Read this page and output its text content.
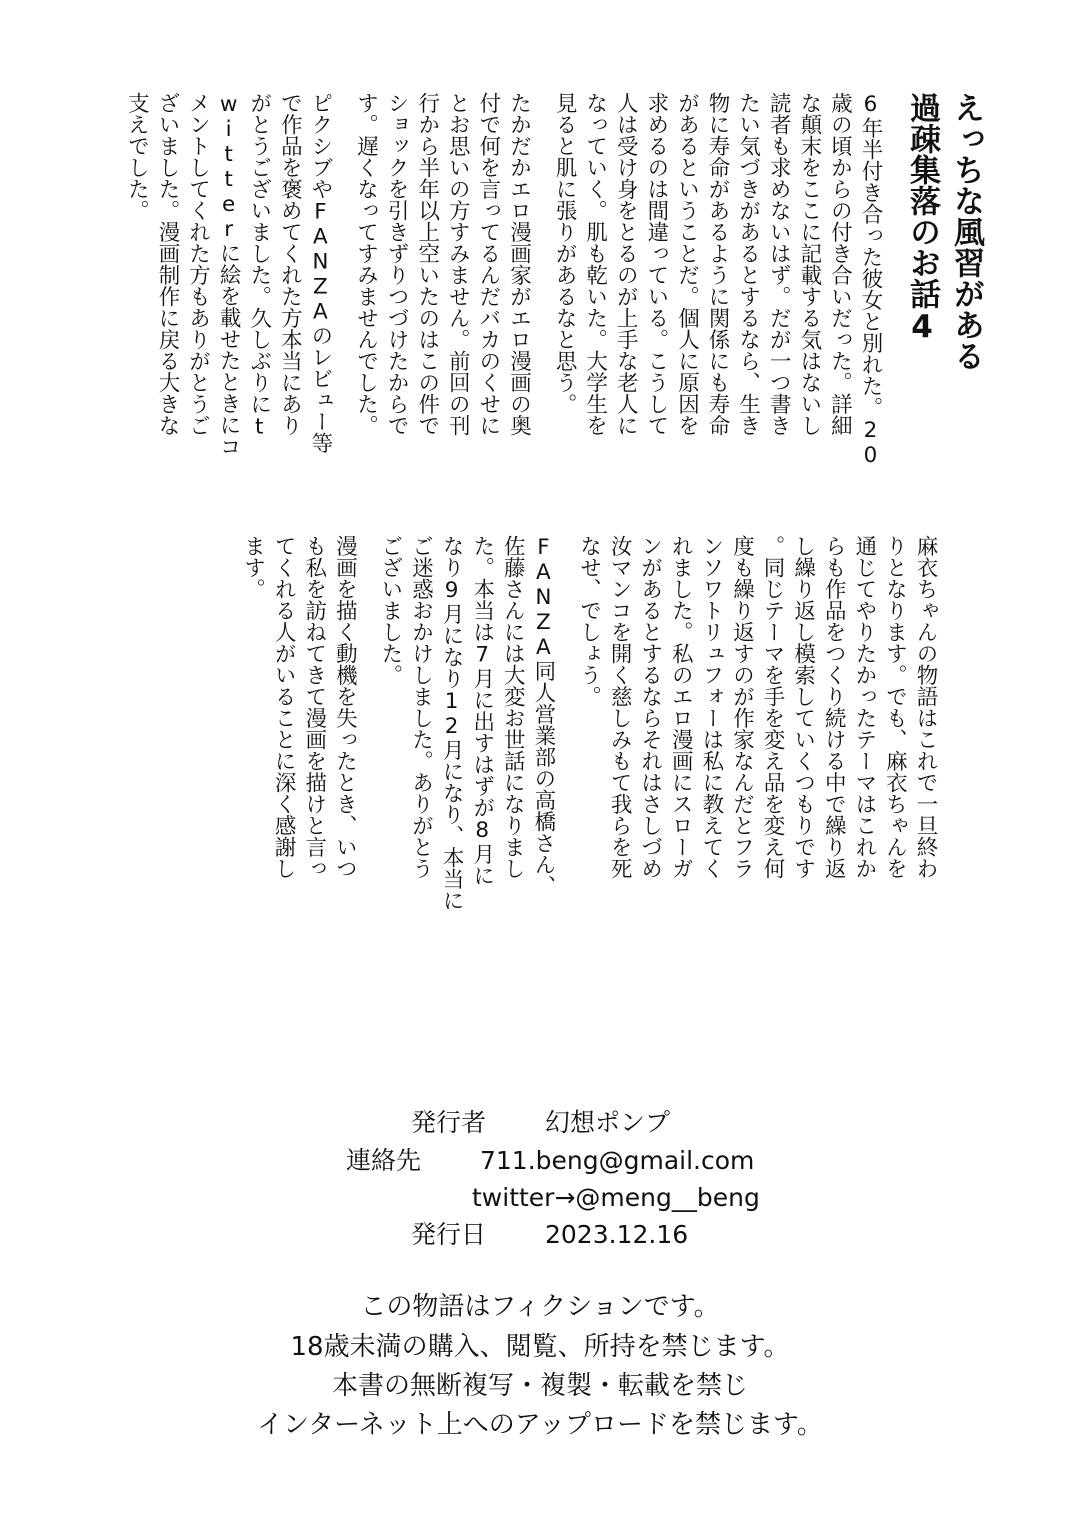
えっちな風習がある
過疎集落のお話4
6年半付き合った彼女と別れた。20
歳の頃からの付き合いだった。詳細
な顛末をここに記載する気はないし
読者も求めないはず。だが一つ書き
たい気づきがあるとするなら、生き
物に寿命があるように関係にも寿命
があるということだ。個人に原因を
求めるのは間違っている。こうして
人は受け身をとるのが上手な老人に
なっていく。肌も乾いた。大学生を
見ると肌に張りがあるなと思う。
たかだかエロ漫画家がエロ漫画の奥
付で何を言ってるんだバカのくせに
とお思いの方すみません。前回の刊
行から半年以上空いたのはこの件で
ショックを引きずりつづけたからで
す。遅くなってすみませんでした。
ピクシブやFANZAのレビュー等
で作品を褒めてくれた方本当にあり
がとうございました。久しぶりにt
witterに絵を載せたときにコ
メントしてくれた方もありがとうご
ざいました。漫画制作に戻る大きな
支えでした。
麻衣ちゃんの物語はこれで一旦終わ
りとなります。でも、麻衣ちゃんを
通じてやりたかったテーマはこれか
らも作品をつくり続ける中で繰り返
し繰り返し模索していくつもりです
。同じテーマを手を変え品を変え何
度も繰り返すのが作家なんだとフラ
ンソワトリュフォーは私に教えてく
れました。私のエロ漫画にスローガ
ンがあるとするならそれはさしづめ
汝マンコを開く慈しみもて我らを死
なせ、でしょう。
FANZA同人営業部の高橋さん、
佐藤さんには大変お世話になりまし
た。本当は7月に出すはずが8月に
なり9月になり12月になり、本当に
ご迷惑おかけしました。ありがとう
ございました。
漫画を描く動機を失ったとき、いつ
も私を訪ねてきて漫画を描けと言っ
てくれる人がいることに深く感謝し
ます。
発行者 幻想ポンプ
連絡先 711.beng@gmail.com
twitter→@meng__beng
発行日 2023.12.16
この物語はフィクションです。
18歳未満の購入、閲覧、所持を禁じます。
本書の無断複写・複製・転載を禁じ
インターネット上へのアップロードを禁じます。
